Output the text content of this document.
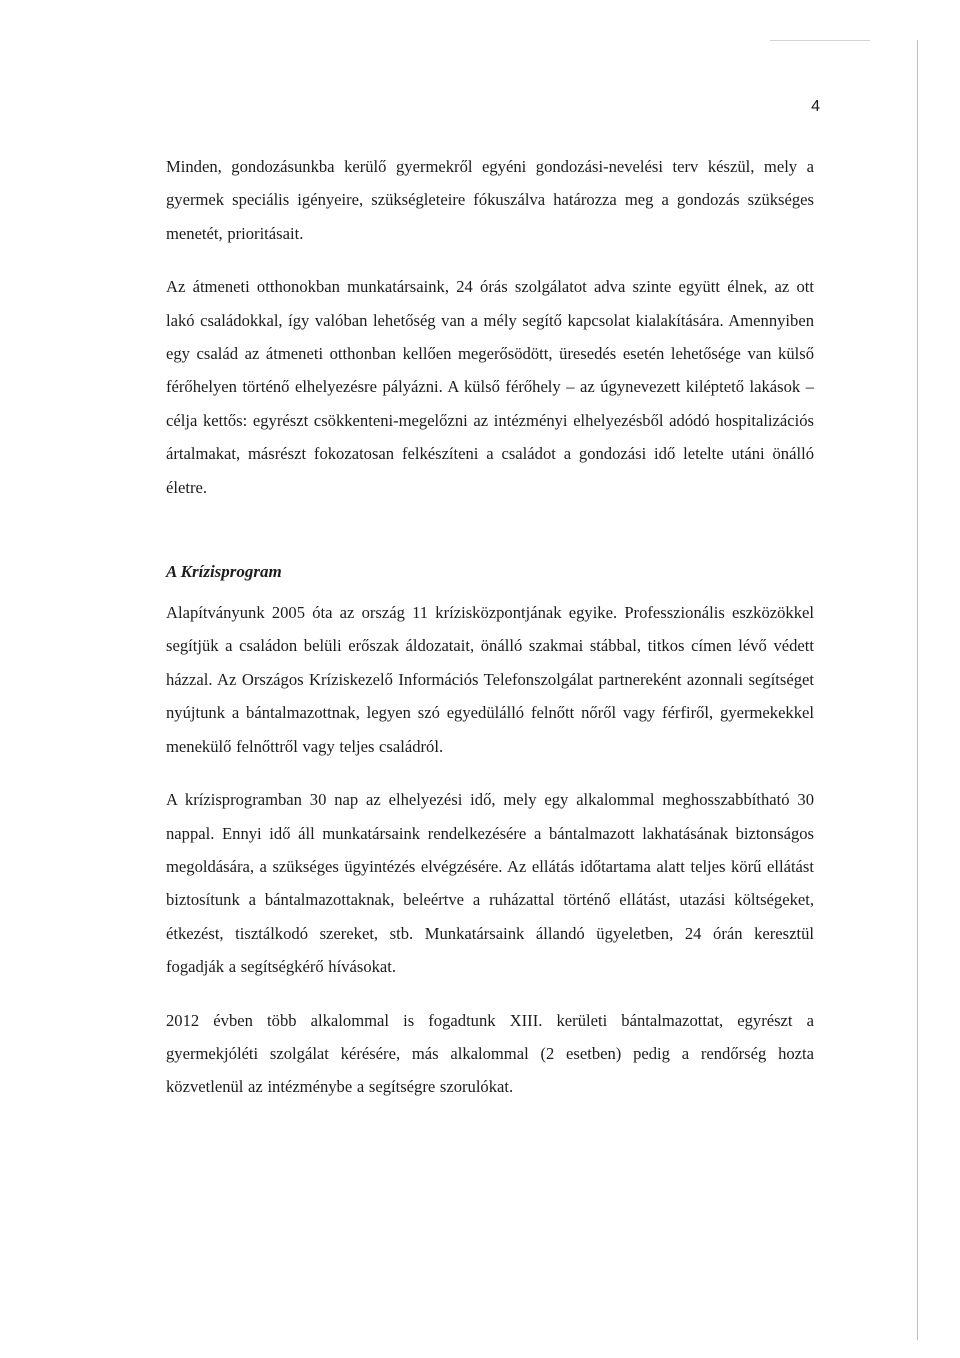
4

Minden, gondozásunkba kerülő gyermekről egyéni gondozási-nevelési terv készül, mely a gyermek speciális igényeire, szükségleteire fókuszálva határozza meg a gondozás szükséges menetét, prioritásait.

Az átmeneti otthonokban munkatársaink, 24 órás szolgálatot adva szinte együtt élnek, az ott lakó családokkal, így valóban lehetőség van a mély segítő kapcsolat kialakítására. Amennyiben egy család az átmeneti otthonban kellően megerősödött, üresedés esetén lehetősége van külső férőhelyen történő elhelyezésre pályázni. A külső férőhely – az úgynevezett kiléptető lakások – célja kettős: egyrészt csökkenteni-megelőzni az intézményi elhelyezésből adódó hospitalizációs ártalmakat, másrészt fokozatosan felkészíteni a családot a gondozási idő letelte utáni önálló életre.

A Krízisprogram

Alapítványunk 2005 óta az ország 11 krízisközpontjának egyike. Professzionális eszközökkel segítjük a családon belüli erőszak áldozatait, önálló szakmai stábbal, titkos címen lévő védett házzal. Az Országos Kríziskezelő Információs Telefonszolgálat partnereként azonnali segítséget nyújtunk a bántalmazottnak, legyen szó egyedülálló felnőtt nőről vagy férfiről, gyermekekkel menekülő felnőttről vagy teljes családról.

A krízisprogramban 30 nap az elhelyezési idő, mely egy alkalommal meghosszabbítható 30 nappal. Ennyi idő áll munkatársaink rendelkezésére a bántalmazott lakhatásának biztonságos megoldására, a szükséges ügyintézés elvégzésére. Az ellátás időtartama alatt teljes körű ellátást biztosítunk a bántalmazottaknak, beleértve a ruházattal történő ellátást, utazási költségeket, étkezést, tisztálkodó szereket, stb. Munkatársaink állandó ügyeletben, 24 órán keresztül fogadják a segítségkérő hívásokat.

2012 évben több alkalommal is fogadtunk XIII. kerületi bántalmazottat, egyrészt a gyermekjóléti szolgálat kérésére, más alkalommal (2 esetben) pedig a rendőrség hozta közvetlenül az intézménybe a segítségre szorulókat.
